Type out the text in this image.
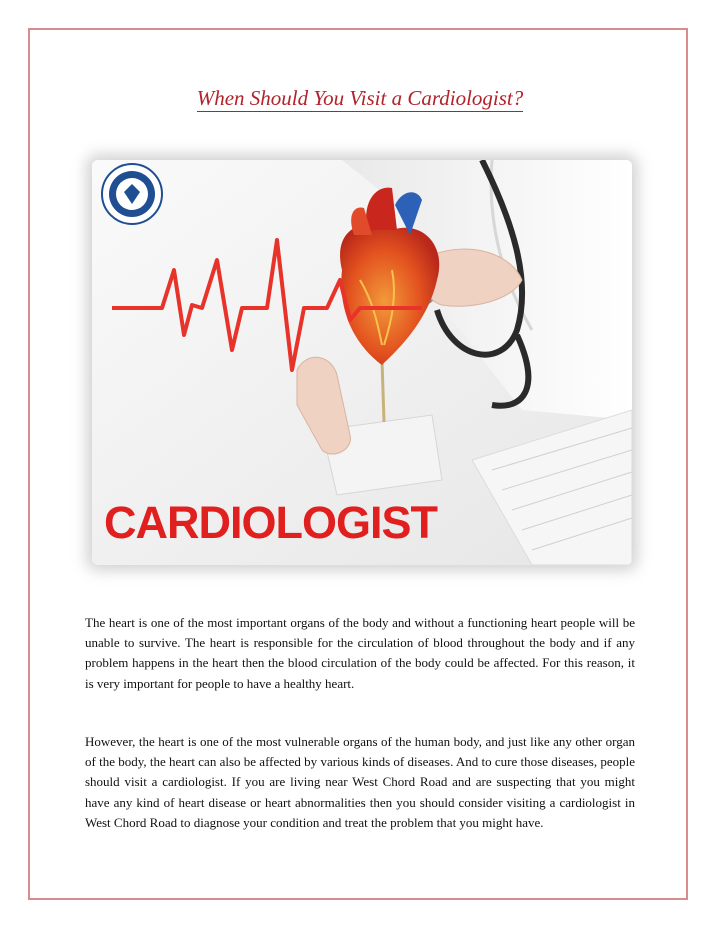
When Should You Visit a Cardiologist?
CARDIOLOGIST

The heart is one of the most important organs of the body and without a functioning heart people will be unable to survive. The heart is responsible for the circulation of blood throughout the body and if any problem happens in the heart then the blood circulation of the body could be affected. For this reason, it is very important for people to have a healthy heart.

However, the heart is one of the most vulnerable organs of the human body, and just like any other organ of the body, the heart can also be affected by various kinds of diseases. And to cure those diseases, people should visit a cardiologist. If you are living near West Chord Road and are suspecting that you might have any kind of heart disease or heart abnormalities then you should consider visiting a cardiologist in West Chord Road to diagnose your condition and treat the problem that you might have.
